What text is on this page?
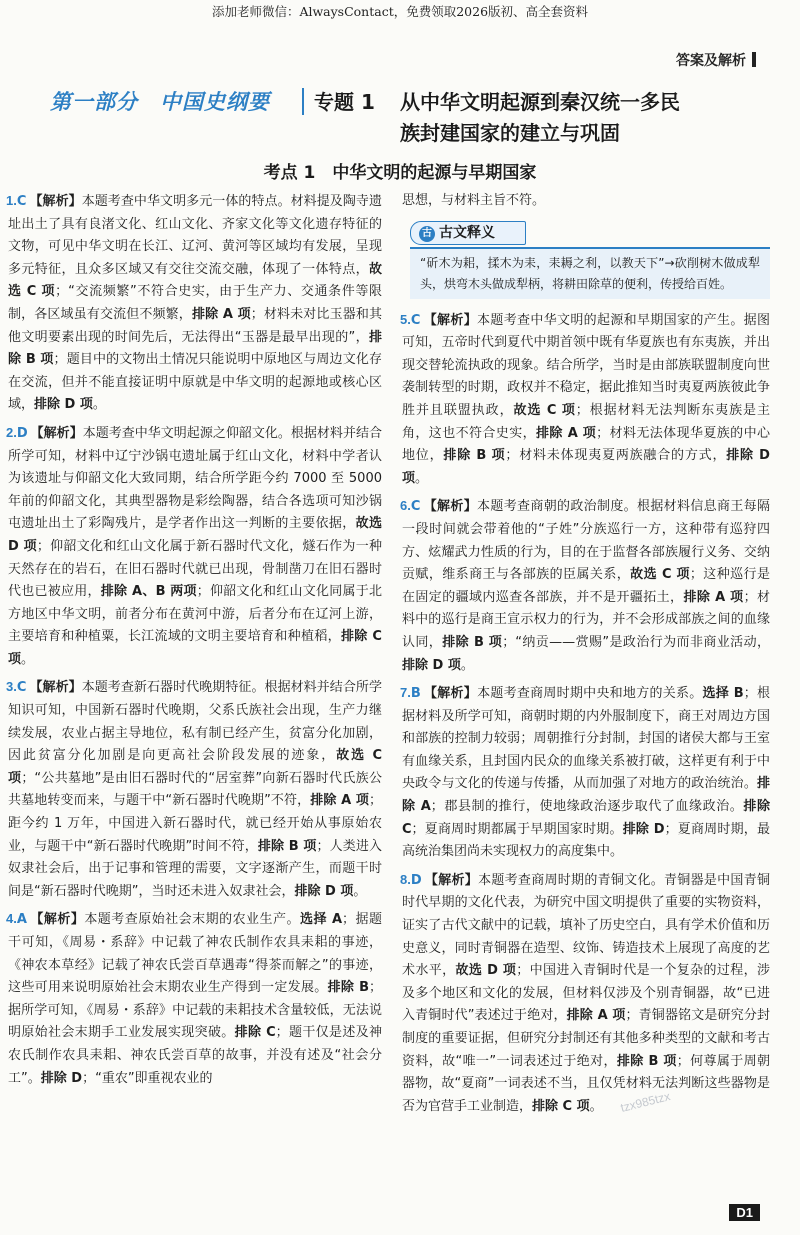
添加老师微信：AlwaysContact，免费领取2026版初、高全套资料
答案及解析
第一部分　中国史纲要 专题 1 从中华文明起源到秦汉统一多民
族封建国家的建立与巩固
考点 1　中华文明的起源与早期国家

1.C 【解析】本题考查中华文明多元一体的特点。材料提及陶寺遗址出土了具有良渚文化、红山文化、齐家文化等文化遗存特征的文物，可见中华文明在长江、辽河、黄河等区域均有发展，呈现多元特征，且众多区域又有交往交流交融，体现了一体特点，故选 C 项；“交流频繁”不符合史实，由于生产力、交通条件等限制，各区域虽有交流但不频繁，排除 A 项；材料未对比玉器和其他文明要素出现的时间先后，无法得出“玉器是最早出现的”，排除 B 项；题目中的文物出土情况只能说明中原地区与周边文化存在交流，但并不能直接证明中原就是中华文明的起源地或核心区域，排除 D 项。

2.D 【解析】本题考查中华文明起源之仰韶文化。根据材料并结合所学可知，材料中辽宁沙锅屯遗址属于红山文化，材料中学者认为该遗址与仰韶文化大致同期，结合所学距今约 7000 至 5000 年前的仰韶文化，其典型器物是彩绘陶器，结合各选项可知沙锅屯遗址出土了彩陶残片，是学者作出这一判断的主要依据，故选 D 项；仰韶文化和红山文化属于新石器时代文化，燧石作为一种天然存在的岩石，在旧石器时代就已出现，骨制凿刀在旧石器时代也已被应用，排除 A、B 两项；仰韶文化和红山文化同属于北方地区中华文明，前者分布在黄河中游，后者分布在辽河上游，主要培育和种植粟，长江流域的文明主要培育和种植稻，排除 C 项。

3.C 【解析】本题考查新石器时代晚期特征。根据材料并结合所学知识可知，中国新石器时代晚期，父系氏族社会出现，生产力继续发展，农业占据主导地位，私有制已经产生，贫富分化加剧，因此贫富分化加剧是向更高社会阶段发展的迹象，故选 C 项；“公共墓地”是由旧石器时代的“居室葬”向新石器时代氏族公共墓地转变而来，与题干中“新石器时代晚期”不符，排除 A 项；距今约 1 万年，中国进入新石器时代，就已经开始从事原始农业，与题干中“新石器时代晚期”时间不符，排除 B 项；人类进入奴隶社会后，出于记事和管理的需要，文字逐渐产生，而题干时间是“新石器时代晚期”，当时还未进入奴隶社会，排除 D 项。

4.A 【解析】本题考查原始社会末期的农业生产。选择 A；据题干可知，《周易・系辞》中记载了神农氏制作农具耒耜的事迹，《神农本草经》记载了神农氏尝百草遇毒“得茶而解之”的事迹，这些可用来说明原始社会末期农业生产得到一定发展。排除 B；据所学可知，《周易・系辞》中记载的耒耜技术含量较低，无法说明原始社会末期手工业发展实现突破。排除 C；题干仅是述及神农氏制作农具耒耜、神农氏尝百草的故事，并没有述及“社会分工”。排除 D；“重农”即重视农业的

思想，与材料主旨不符。

古 古文释义
“斫木为耜，揉木为耒，耒耨之利，以教天下”→砍削树木做成犁头，烘弯木头做成犁柄，将耕田除草的便利，传授给百姓。

5.C 【解析】本题考查中华文明的起源和早期国家的产生。据图可知，五帝时代到夏代中期首领中既有华夏族也有东夷族，并出现交替轮流执政的现象。结合所学，当时是由部族联盟制度向世袭制转型的时期，政权并不稳定，据此推知当时夷夏两族彼此争胜并且联盟执政，故选 C 项；根据材料无法判断东夷族是主角，这也不符合史实，排除 A 项；材料无法体现华夏族的中心地位，排除 B 项；材料未体现夷夏两族融合的方式，排除 D 项。

6.C 【解析】本题考查商朝的政治制度。根据材料信息商王每隔一段时间就会带着他的“子姓”分族巡行一方，这种带有巡狩四方、炫耀武力性质的行为，目的在于监督各部族履行义务、交纳贡赋，维系商王与各部族的臣属关系，故选 C 项；这种巡行是在固定的疆域内巡查各部族，并不是开疆拓土，排除 A 项；材料中的巡行是商王宣示权力的行为，并不会形成部族之间的血缘认同，排除 B 项；“纳贡——赏赐”是政治行为而非商业活动，排除 D 项。

7.B 【解析】本题考查商周时期中央和地方的关系。选择 B；根据材料及所学可知，商朝时期的内外服制度下，商王对周边方国和部族的控制力较弱；周朝推行分封制，封国的诸侯大都与王室有血缘关系，且封国内民众的血缘关系被打破，这样更有利于中央政令与文化的传递与传播，从而加强了对地方的政治统治。排除 A；郡县制的推行，使地缘政治逐步取代了血缘政治。排除 C；夏商周时期都属于早期国家时期。排除 D；夏商周时期，最高统治集团尚未实现权力的高度集中。

8.D 【解析】本题考查商周时期的青铜文化。青铜器是中国青铜时代早期的文化代表，为研究中国文明提供了重要的实物资料，证实了古代文献中的记载，填补了历史空白，具有学术价值和历史意义，同时青铜器在造型、纹饰、铸造技术上展现了高度的艺术水平，故选 D 项；中国进入青铜时代是一个复杂的过程，涉及多个地区和文化的发展，但材料仅涉及个别青铜器，故“已进入青铜时代”表述过于绝对，排除 A 项；青铜器铭文是研究分封制度的重要证据，但研究分封制还有其他多种类型的文献和考古资料，故“唯一”一词表述过于绝对，排除 B 项；何尊属于周朝器物，故“夏商”一词表述不当，且仅凭材料无法判断这些器物是否为官营手工业制造，排除 C 项。	tzx985tzx
D1
